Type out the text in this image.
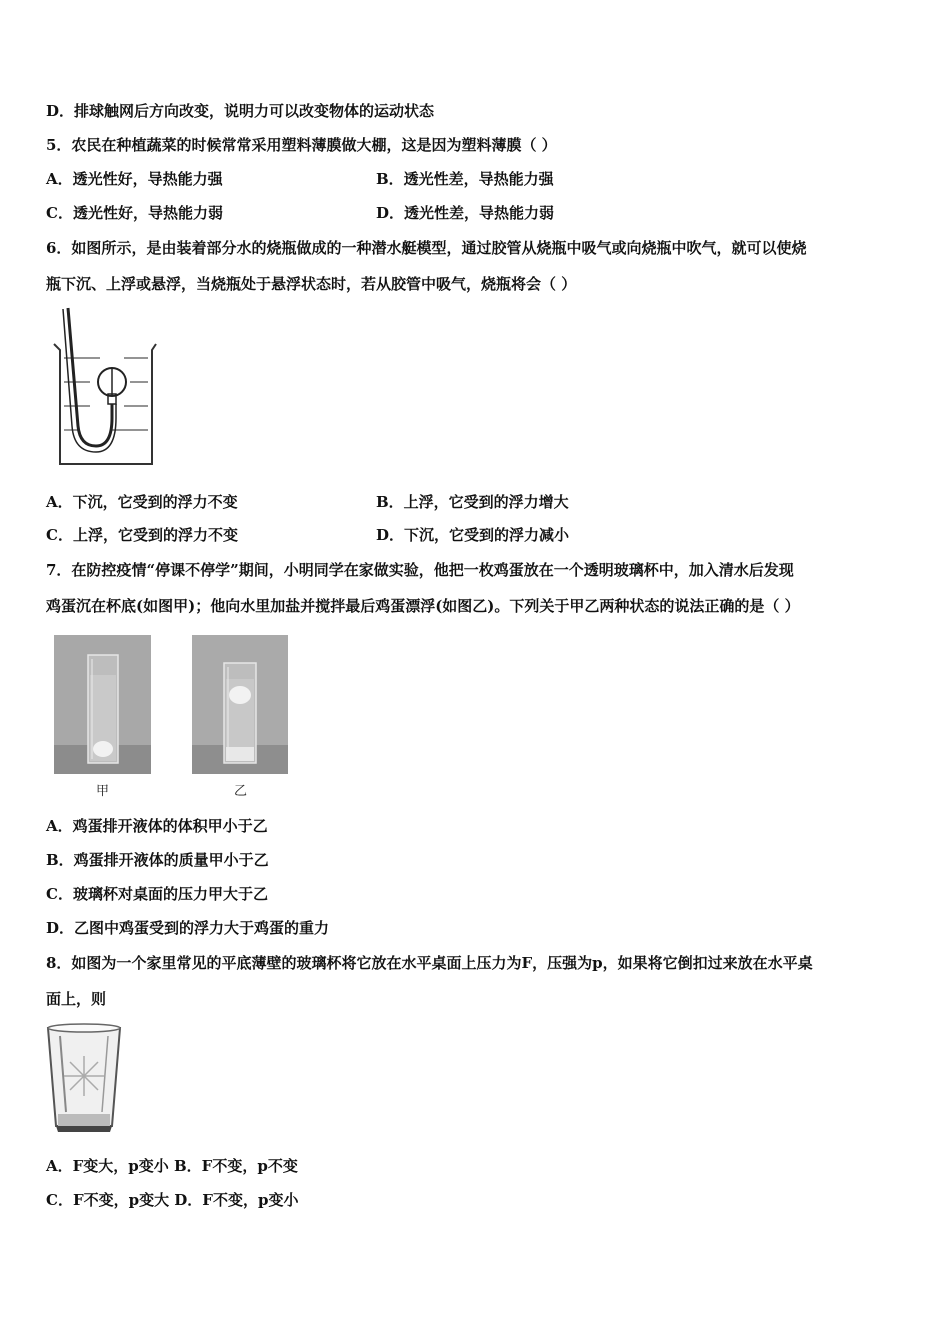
D．排球触网后方向改变，说明力可以改变物体的运动状态
5．农民在种植蔬菜的时候常常采用塑料薄膜做大棚，这是因为塑料薄膜（ ）
A．透光性好，导热能力强	B．透光性差，导热能力强
C．透光性好，导热能力弱	D．透光性差，导热能力弱
6．如图所示，是由装着部分水的烧瓶做成的一种潜水艇模型，通过胶管从烧瓶中吸气或向烧瓶中吹气，就可以使烧
瓶下沉、上浮或悬浮，当烧瓶处于悬浮状态时，若从胶管中吸气，烧瓶将会（ ）
A．下沉，它受到的浮力不变	B．上浮，它受到的浮力增大
C．上浮，它受到的浮力不变	D．下沉，它受到的浮力减小
7．在防控疫情“停课不停学”期间，小明同学在家做实验，他把一枚鸡蛋放在一个透明玻璃杯中，加入清水后发现
鸡蛋沉在杯底(如图甲)；他向水里加盐并搅拌最后鸡蛋漂浮(如图乙)。下列关于甲乙两种状态的说法正确的是（ ）
甲	乙
A．鸡蛋排开液体的体积甲小于乙
B．鸡蛋排开液体的质量甲小于乙
C．玻璃杯对桌面的压力甲大于乙
D．乙图中鸡蛋受到的浮力大于鸡蛋的重力
8．如图为一个家里常见的平底薄壁的玻璃杯将它放在水平桌面上压力为F，压强为p，如果将它倒扣过来放在水平桌
面上，则
A．F变大，p变小 B．F不变，p不变
C．F不变，p变大 D．F不变，p变小
